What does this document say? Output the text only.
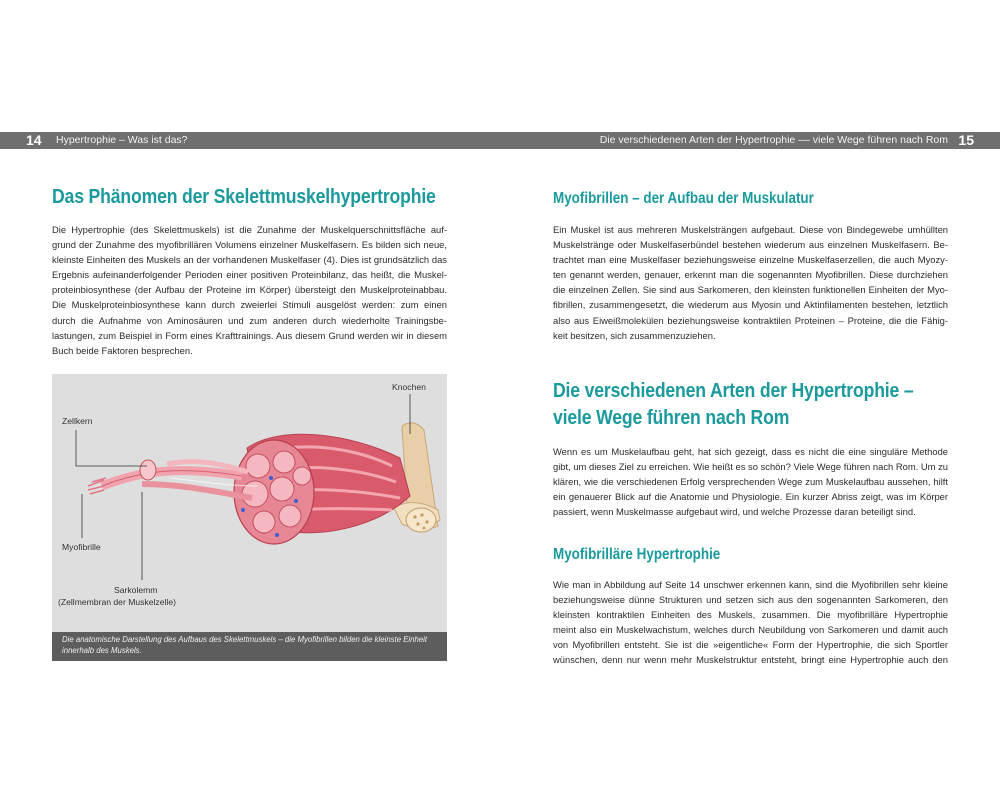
14 Hypertrophie – Was ist das?	Die verschiedenen Arten der Hypertrophie –– viele Wege führen nach Rom 15
Das Phänomen der Skelettmuskelhypertrophie
Die Hypertrophie (des Skelettmuskels) ist die Zunahme der Muskelquerschnittsfläche auf-
grund der Zunahme des myofibrillären Volumens einzelner Muskelfasern. Es bilden sich neue,
kleinste Einheiten des Muskels an der vorhandenen Muskelfaser (4). Dies ist grundsätzlich das
Ergebnis aufeinanderfolgender Perioden einer positiven Proteinbilanz, das heißt, die Muskel-
proteinbiosynthese (der Aufbau der Proteine im Körper) übersteigt den Muskelproteinabbau.
Die Muskelproteinbiosynthese kann durch zweierlei Stimuli ausgelöst werden: zum einen
durch die Aufnahme von Aminosäuren und zum anderen durch wiederholte Trainingsbe-
lastungen, zum Beispiel in Form eines Krafttrainings. Aus diesem Grund werden wir in diesem
Buch beide Faktoren besprechen.
Knochen
Zellkern
Myofibrille
Sarkolemm
(Zellmembran der Muskelzelle)

Die anatomische Darstellung des Aufbaus des Skelettmuskels – die Myofibrillen bilden die kleinste Einheit
innerhalb des Muskels.

Myofibrillen – der Aufbau der Muskulatur
Ein Muskel ist aus mehreren Muskelsträngen aufgebaut. Diese von Bindegewebe umhüllten
Muskelstränge oder Muskelfaserbündel bestehen wiederum aus einzelnen Muskelfasern. Be-
trachtet man eine Muskelfaser beziehungsweise einzelne Muskelfaserzellen, die auch Myozy-
ten genannt werden, genauer, erkennt man die sogenannten Myofibrillen. Diese durchziehen
die einzelnen Zellen. Sie sind aus Sarkomeren, den kleinsten funktionellen Einheiten der Myo-
fibrillen, zusammengesetzt, die wiederum aus Myosin und Aktinfilamenten bestehen, letztlich
also aus Eiweißmolekülen beziehungsweise kontraktilen Proteinen – Proteine, die die Fähig-
keit besitzen, sich zusammenzuziehen.
Die verschiedenen Arten der Hypertrophie –
viele Wege führen nach Rom
Wenn es um Muskelaufbau geht, hat sich gezeigt, dass es nicht die eine singuläre Methode
gibt, um dieses Ziel zu erreichen. Wie heißt es so schön? Viele Wege führen nach Rom. Um zu
klären, wie die verschiedenen Erfolg versprechenden Wege zum Muskelaufbau aussehen, hilft
ein genauerer Blick auf die Anatomie und Physiologie. Ein kurzer Abriss zeigt, was im Körper
passiert, wenn Muskelmasse aufgebaut wird, und welche Prozesse daran beteiligt sind.
Myofibrilläre Hypertrophie
Wie man in Abbildung auf Seite 14 unschwer erkennen kann, sind die Myofibrillen sehr kleine
beziehungsweise dünne Strukturen und setzen sich aus den sogenannten Sarkomeren, den
kleinsten kontraktilen Einheiten des Muskels, zusammen. Die myofibrilläre Hypertrophie
meint also ein Muskelwachstum, welches durch Neubildung von Sarkomeren und damit auch
von Myofibrillen entsteht. Sie ist die »eigentliche« Form der Hypertrophie, die sich Sportler
wünschen, denn nur wenn mehr Muskelstruktur entsteht, bringt eine Hypertrophie auch den
